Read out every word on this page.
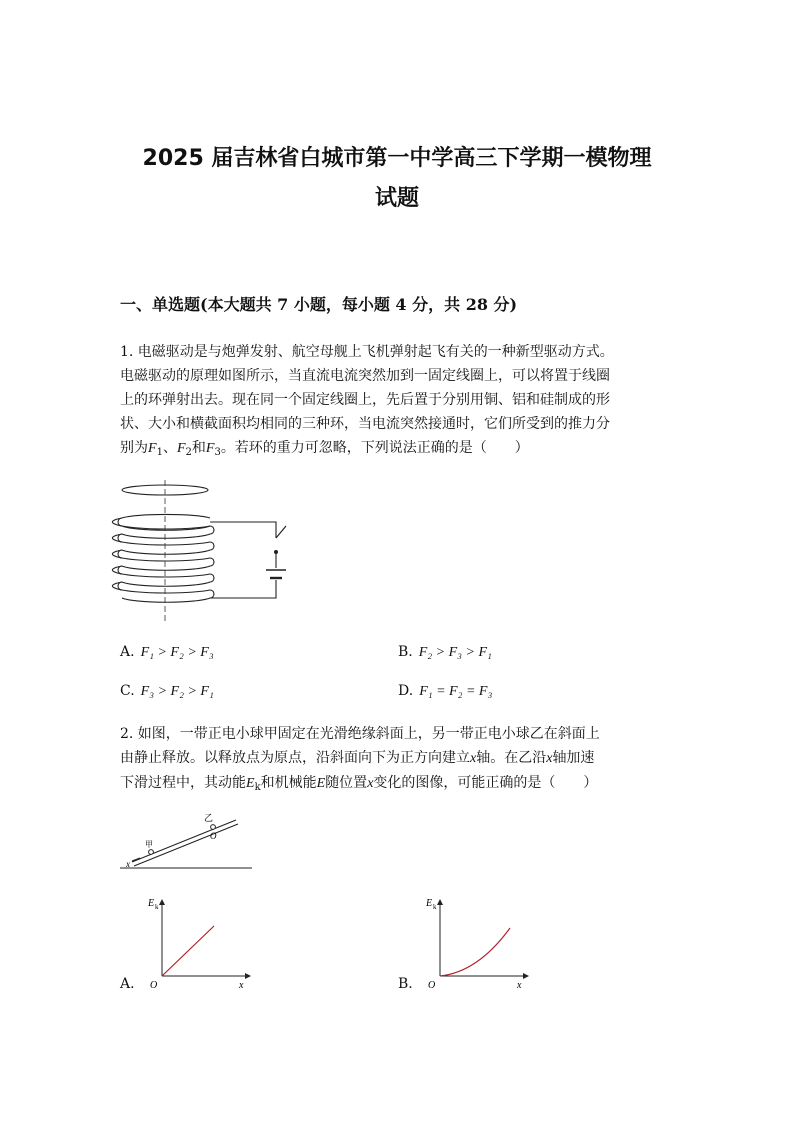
2025 届吉林省白城市第一中学高三下学期一模物理
试题
一、单选题(本大题共 7 小题，每小题 4 分，共 28 分)
1. 电磁驱动是与炮弹发射、航空母舰上飞机弹射起飞有关的一种新型驱动方式。
电磁驱动的原理如图所示，当直流电流突然加到一固定线圈上，可以将置于线圈
上的环弹射出去。现在同一个固定线圈上，先后置于分别用铜、铝和硅制成的形
状、大小和横截面积均相同的三种环，当电流突然接通时，它们所受到的推力分
别为$F_1$、$F_2$和$F_3$。若环的重力可忽略，下列说法正确的是（　　）
A. F₁ > F₂ > F₃	B. F₂ > F₃ > F₁
C. F₃ > F₂ > F₁	D. F₁ = F₂ = F₃
2. 如图，一带正电小球甲固定在光滑绝缘斜面上，另一带正电小球乙在斜面上
由静止释放。以释放点为原点，沿斜面向下为正方向建立x轴。在乙沿x轴加速
下滑过程中，其动能$E_k$和机械能E随位置x变化的图像，可能正确的是（　　）
乙
O
甲
x
A.
E k
O	x	B.
E k
O	x
